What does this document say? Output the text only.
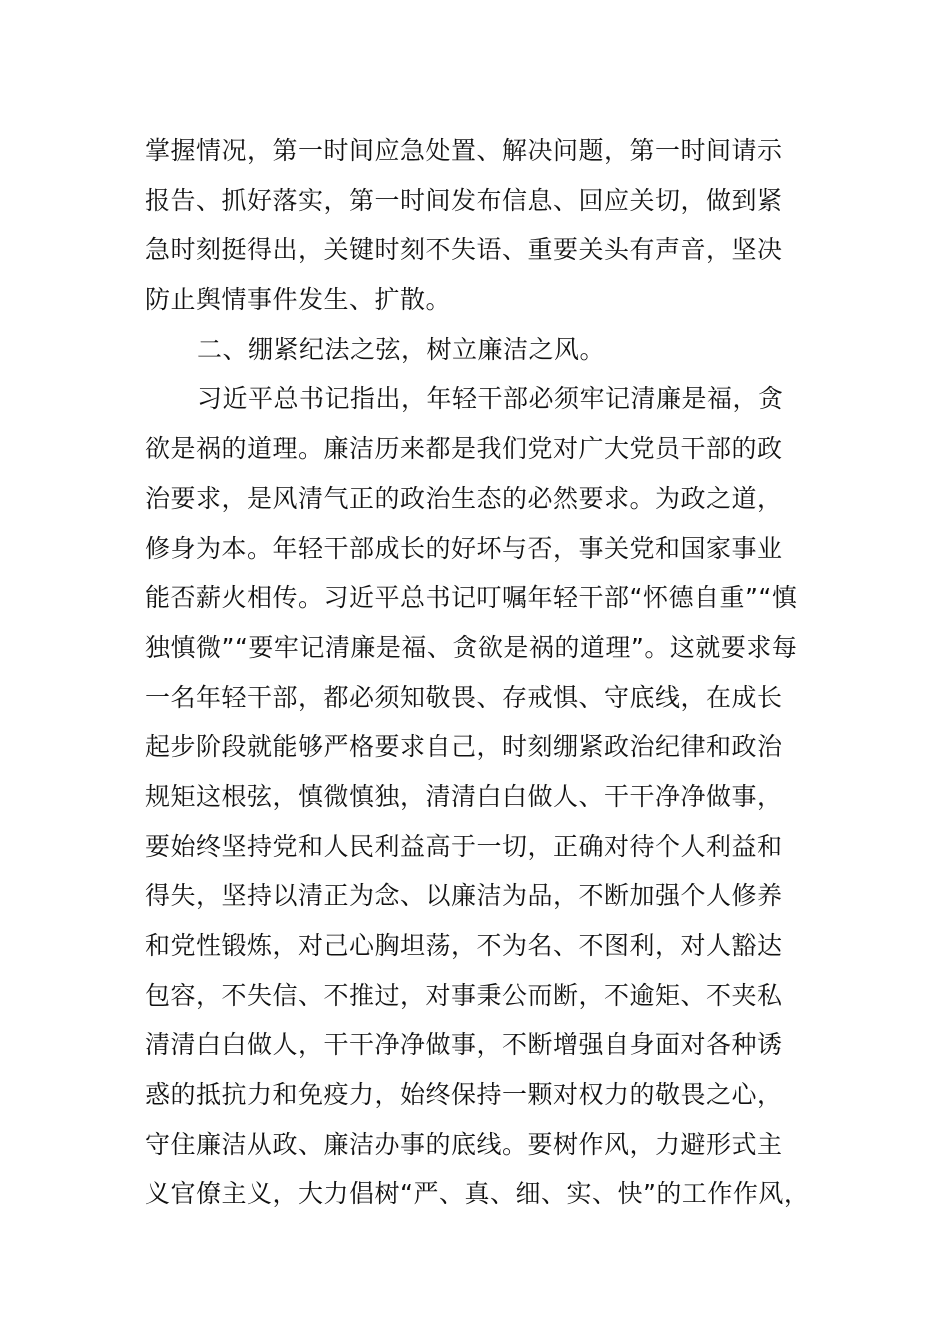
掌握情况，第一时间应急处置、解决问题，第一时间请示
报告、抓好落实，第一时间发布信息、回应关切，做到紧
急时刻挺得出，关键时刻不失语、重要关头有声音，坚决
防止舆情事件发生、扩散。
二、绷紧纪法之弦，树立廉洁之风。
习近平总书记指出，年轻干部必须牢记清廉是福，贪
欲是祸的道理。廉洁历来都是我们党对广大党员干部的政
治要求，是风清气正的政治生态的必然要求。为政之道，
修身为本。年轻干部成长的好坏与否，事关党和国家事业
能否薪火相传。习近平总书记叮嘱年轻干部“怀德自重”“慎
独慎微”“要牢记清廉是福、贪欲是祸的道理”。这就要求每
一名年轻干部，都必须知敬畏、存戒惧、守底线，在成长
起步阶段就能够严格要求自己，时刻绷紧政治纪律和政治
规矩这根弦，慎微慎独，清清白白做人、干干净净做事，
要始终坚持党和人民利益高于一切，正确对待个人利益和
得失，坚持以清正为念、以廉洁为品，不断加强个人修养
和党性锻炼，对己心胸坦荡，不为名、不图利，对人豁达
包容，不失信、不推过，对事秉公而断，不逾矩、不夹私
清清白白做人，干干净净做事，不断增强自身面对各种诱
惑的抵抗力和免疫力，始终保持一颗对权力的敬畏之心，
守住廉洁从政、廉洁办事的底线。要树作风，力避形式主
义官僚主义，大力倡树“严、真、细、实、快”的工作作风，
